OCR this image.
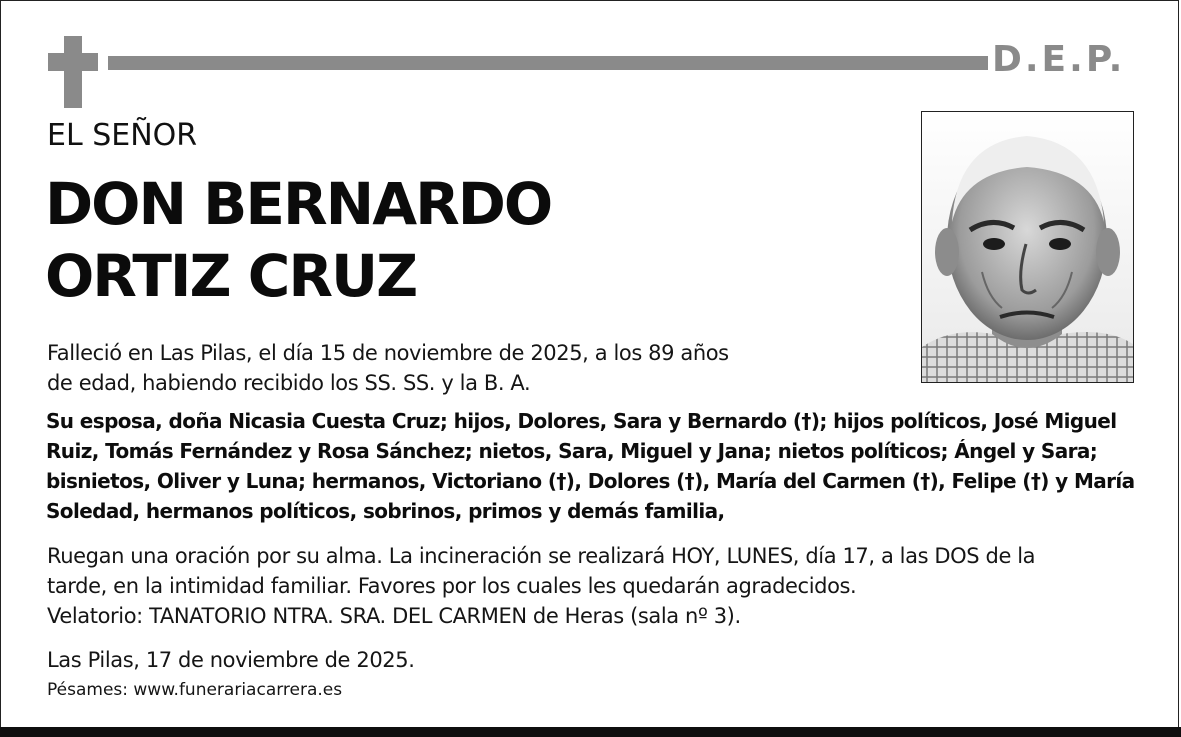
D.E.P.
EL SEÑOR
DON BERNARDO
ORTIZ CRUZ

Falleció en Las Pilas, el día 15 de noviembre de 2025, a los 89 años
de edad, habiendo recibido los SS. SS. y la B. A.

Su esposa, doña Nicasia Cuesta Cruz; hijos, Dolores, Sara y Bernardo (†); hijos políticos, José Miguel Ruiz, Tomás Fernández y Rosa Sánchez; nietos, Sara, Miguel y Jana; nietos políticos; Ángel y Sara; bisnietos, Oliver y Luna; hermanos, Victoriano (†), Dolores (†), María del Carmen (†), Felipe (†) y María Soledad, hermanos políticos, sobrinos, primos y demás familia,

Ruegan una oración por su alma. La incineración se realizará HOY, LUNES, día 17, a las DOS de la
tarde, en la intimidad familiar. Favores por los cuales les quedarán agradecidos.
Velatorio: TANATORIO NTRA. SRA. DEL CARMEN de Heras (sala nº 3).

Las Pilas, 17 de noviembre de 2025.

Pésames: www.funerariacarrera.es
